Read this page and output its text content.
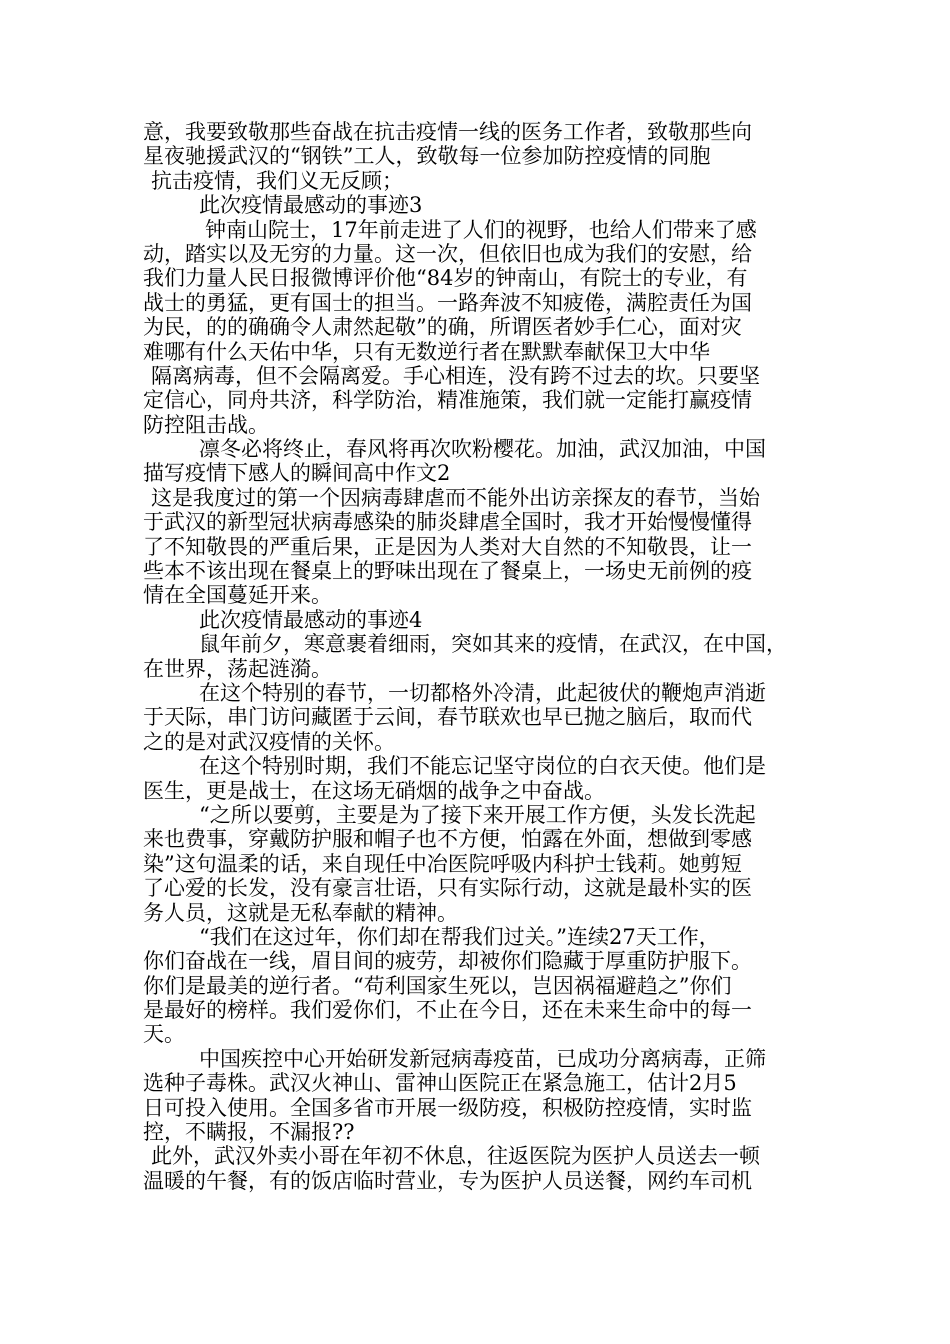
意，我要致敬那些奋战在抗击疫情一线的医务工作者，致敬那些向
星夜驰援武汉的“钢铁”工人，致敬每一位参加防控疫情的同胞
抗击疫情，我们义无反顾；
此次疫情最感动的事迹3
钟南山院士，17年前走进了人们的视野，也给人们带来了感
动，踏实以及无穷的力量。这一次，但依旧也成为我们的安慰，给
我们力量人民日报微博评价他“84岁的钟南山，有院士的专业，有
战士的勇猛，更有国士的担当。一路奔波不知疲倦，满腔责任为国
为民，的的确确令人肃然起敬”的确，所谓医者妙手仁心，面对灾
难哪有什么天佑中华，只有无数逆行者在默默奉献保卫大中华
隔离病毒，但不会隔离爱。手心相连，没有跨不过去的坎。只要坚
定信心，同舟共济，科学防治，精准施策，我们就一定能打赢疫情
防控阻击战。
凛冬必将终止，春风将再次吹粉樱花。加油，武汉加油，中国
描写疫情下感人的瞬间高中作文2
这是我度过的第一个因病毒肆虐而不能外出访亲探友的春节，当始
于武汉的新型冠状病毒感染的肺炎肆虐全国时，我才开始慢慢懂得
了不知敬畏的严重后果，正是因为人类对大自然的不知敬畏，让一
些本不该出现在餐桌上的野味出现在了餐桌上，一场史无前例的疫
情在全国蔓延开来。
此次疫情最感动的事迹4
鼠年前夕，寒意裹着细雨，突如其来的疫情，在武汉，在中国，
在世界，荡起涟漪。
在这个特别的春节，一切都格外冷清，此起彼伏的鞭炮声消逝
于天际，串门访问藏匿于云间，春节联欢也早已抛之脑后，取而代
之的是对武汉疫情的关怀。
在这个特别时期，我们不能忘记坚守岗位的白衣天使。他们是
医生，更是战士，在这场无硝烟的战争之中奋战。
“之所以要剪，主要是为了接下来开展工作方便，头发长洗起
来也费事，穿戴防护服和帽子也不方便，怕露在外面，想做到零感
染”这句温柔的话，来自现任中冶医院呼吸内科护士钱莉。她剪短
了心爱的长发，没有豪言壮语，只有实际行动，这就是最朴实的医
务人员，这就是无私奉献的精神。
“我们在这过年，你们却在帮我们过关。”连续27天工作，
你们奋战在一线，眉目间的疲劳，却被你们隐藏于厚重防护服下。
你们是最美的逆行者。“苟利国家生死以，岂因祸福避趋之”你们
是最好的榜样。我们爱你们，不止在今日，还在未来生命中的每一
天。
中国疾控中心开始研发新冠病毒疫苗，已成功分离病毒，正筛
选种子毒株。武汉火神山、雷神山医院正在紧急施工，估计2月5
日可投入使用。全国多省市开展一级防疫，积极防控疫情，实时监
控，不瞒报，不漏报??
此外，武汉外卖小哥在年初不休息，往返医院为医护人员送去一顿
温暖的午餐，有的饭店临时营业，专为医护人员送餐，网约车司机
